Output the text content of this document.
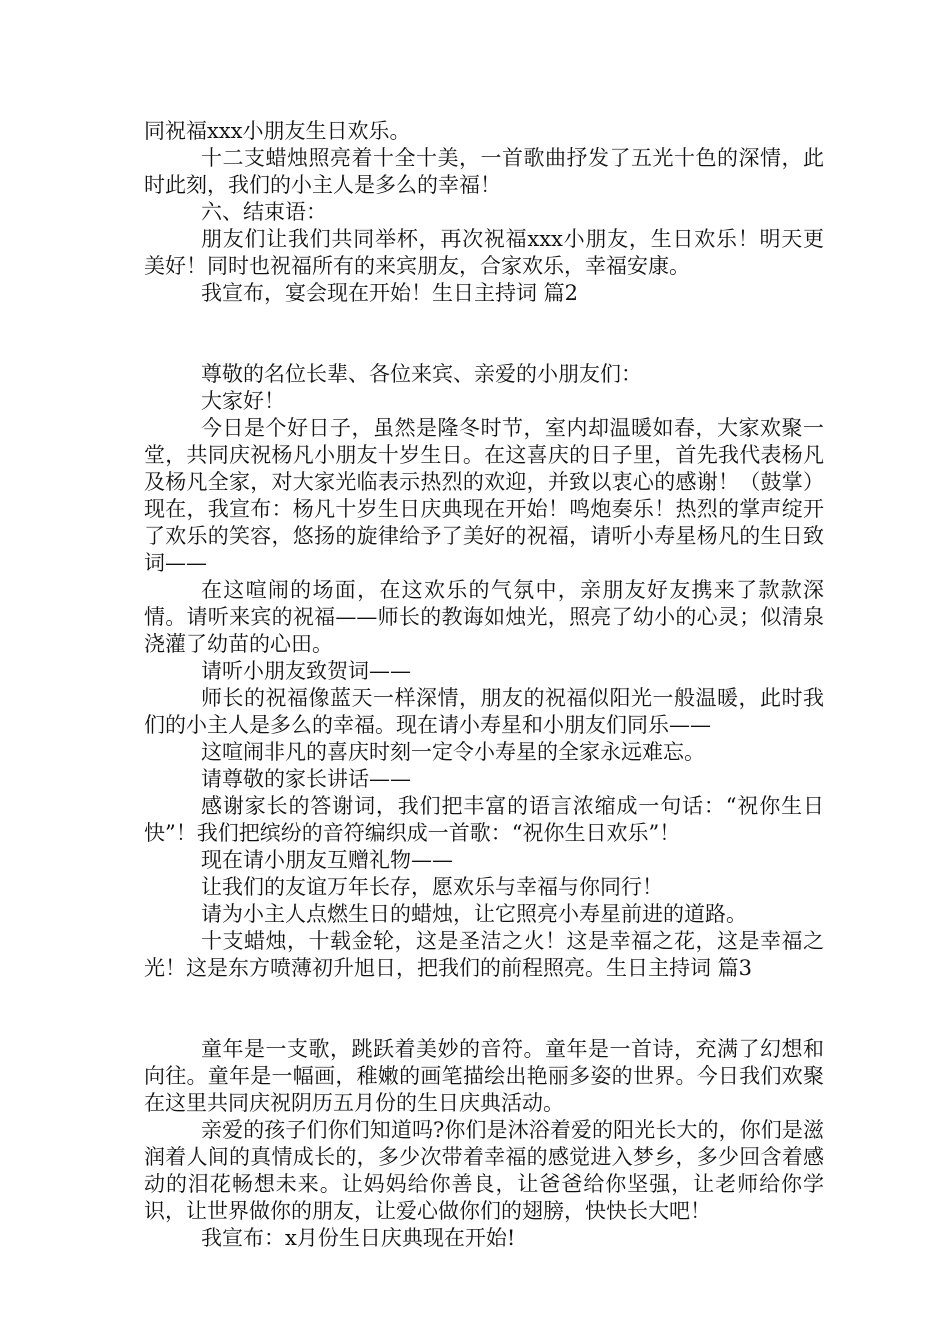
同祝福xxx小朋友生日欢乐。

十二支蜡烛照亮着十全十美，一首歌曲抒发了五光十色的深情，此时此刻，我们的小主人是多么的幸福！

六、结束语：

朋友们让我们共同举杯，再次祝福xxx小朋友，生日欢乐！明天更美好！同时也祝福所有的来宾朋友，合家欢乐，幸福安康。

我宣布，宴会现在开始！生日主持词 篇2

尊敬的名位长辈、各位来宾、亲爱的小朋友们：

大家好！

今日是个好日子，虽然是隆冬时节，室内却温暖如春，大家欢聚一堂，共同庆祝杨凡小朋友十岁生日。在这喜庆的日子里，首先我代表杨凡及杨凡全家，对大家光临表示热烈的欢迎，并致以衷心的感谢！（鼓掌）现在，我宣布：杨凡十岁生日庆典现在开始！鸣炮奏乐！热烈的掌声绽开了欢乐的笑容，悠扬的旋律给予了美好的祝福，请听小寿星杨凡的生日致词——

在这喧闹的场面，在这欢乐的气氛中，亲朋友好友携来了款款深情。请听来宾的祝福——师长的教诲如烛光，照亮了幼小的心灵；似清泉浇灌了幼苗的心田。

请听小朋友致贺词——

师长的祝福像蓝天一样深情，朋友的祝福似阳光一般温暖，此时我们的小主人是多么的幸福。现在请小寿星和小朋友们同乐——

这喧闹非凡的喜庆时刻一定令小寿星的全家永远难忘。

请尊敬的家长讲话——

感谢家长的答谢词，我们把丰富的语言浓缩成一句话：“祝你生日快”！我们把缤纷的音符编织成一首歌：“祝你生日欢乐”！

现在请小朋友互赠礼物——

让我们的友谊万年长存，愿欢乐与幸福与你同行！

请为小主人点燃生日的蜡烛，让它照亮小寿星前进的道路。

十支蜡烛，十载金轮，这是圣洁之火！这是幸福之花，这是幸福之光！这是东方喷薄初升旭日，把我们的前程照亮。生日主持词 篇3

童年是一支歌，跳跃着美妙的音符。童年是一首诗，充满了幻想和向往。童年是一幅画，稚嫩的画笔描绘出艳丽多姿的世界。今日我们欢聚在这里共同庆祝阴历五月份的生日庆典活动。

亲爱的孩子们你们知道吗?你们是沐浴着爱的阳光长大的，你们是滋润着人间的真情成长的，多少次带着幸福的感觉进入梦乡，多少回含着感动的泪花畅想未来。让妈妈给你善良，让爸爸给你坚强，让老师给你学识，让世界做你的朋友，让爱心做你们的翅膀，快快长大吧！

我宣布：x月份生日庆典现在开始!
